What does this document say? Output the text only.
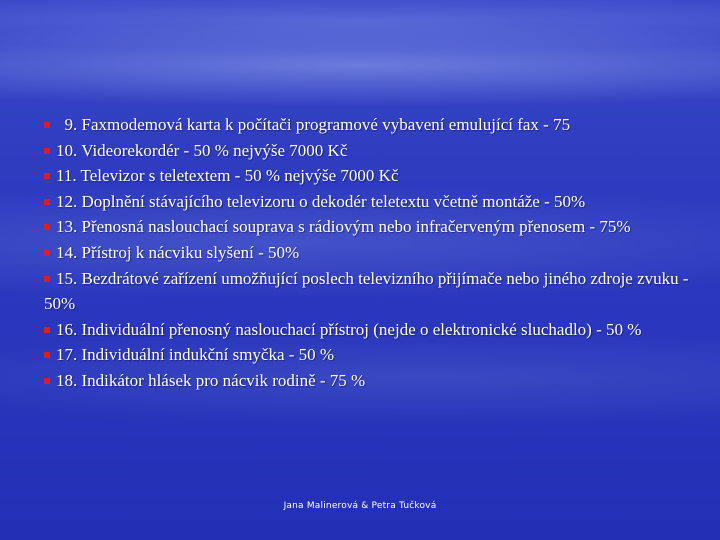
9. Faxmodemová karta k počítači programové vybavení emulující fax - 75

10. Videorekordér - 50 % nejvýše 7000 Kč

11. Televizor s teletextem - 50 % nejvýše 7000 Kč

12. Doplnění stávajícího televizoru o dekodér teletextu včetně montáže - 50%

13. Přenosná naslouchací souprava s rádiovým nebo infračerveným přenosem - 75%

14. Přístroj k nácviku slyšení - 50%

15. Bezdrátové zařízení umožňující poslech televizního přijímače nebo jiného zdroje zvuku - 50%

16. Individuální přenosný naslouchací přístroj (nejde o elektronické sluchadlo) - 50 %

17. Individuální indukční smyčka - 50 %

18. Indikátor hlásek pro nácvik rodině - 75 %

Jana Malinerová & Petra Tučková
